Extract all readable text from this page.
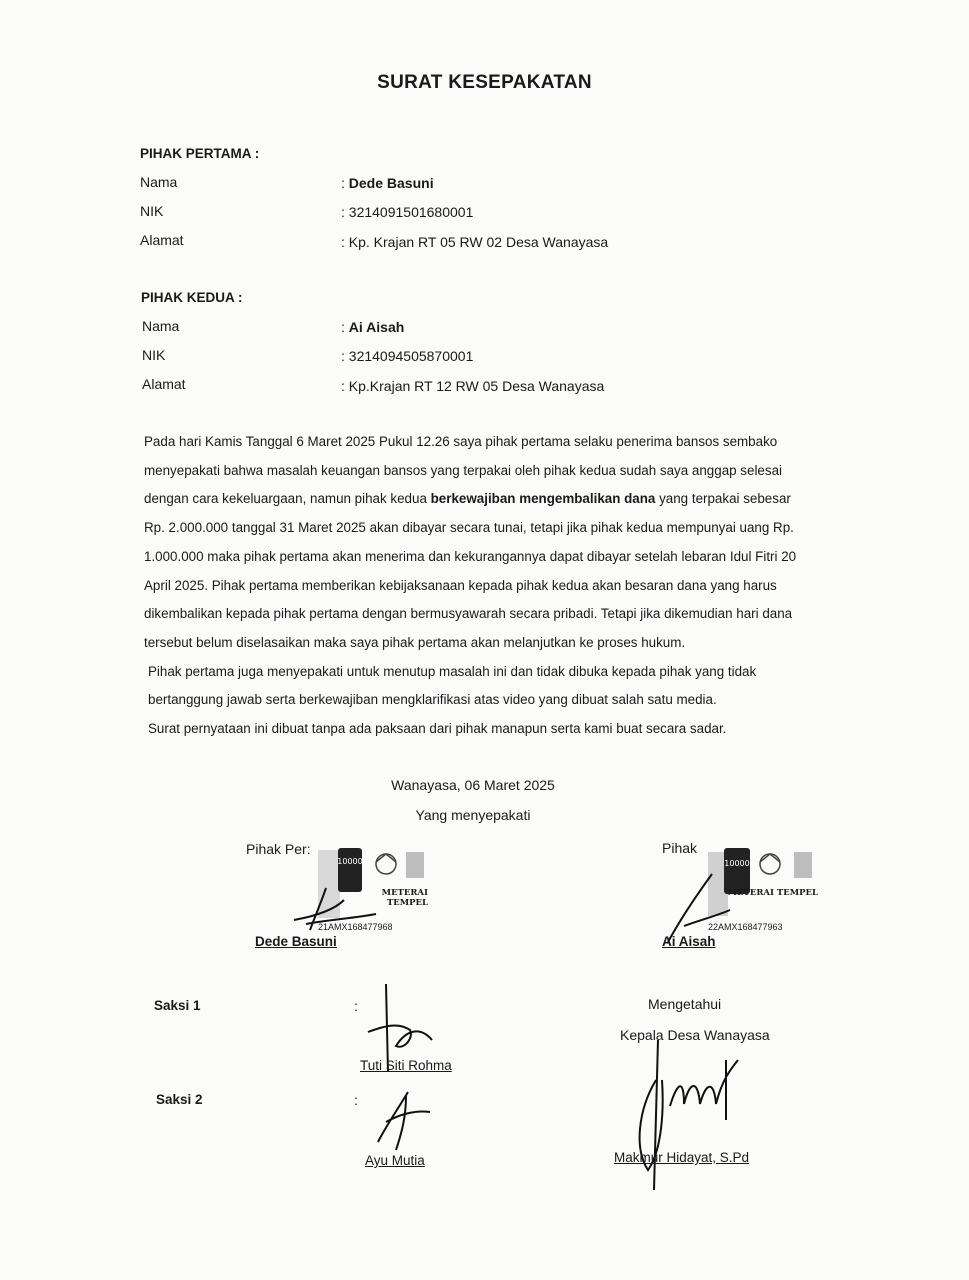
SURAT KESEPAKATAN
PIHAK PERTAMA :
Nama	: Dede Basuni
NIK	: 3214091501680001
Alamat	: Kp. Krajan RT 05 RW 02 Desa Wanayasa
PIHAK KEDUA :
Nama	: Ai Aisah
NIK	: 3214094505870001
Alamat	: Kp.Krajan RT 12 RW 05 Desa Wanayasa

Pada hari Kamis Tanggal 6 Maret 2025 Pukul 12.26 saya pihak pertama selaku penerima bansos sembako menyepakati bahwa masalah keuangan bansos yang terpakai oleh pihak kedua sudah saya anggap selesai dengan cara kekeluargaan, namun pihak kedua berkewajiban mengembalikan dana yang terpakai sebesar Rp. 2.000.000 tanggal 31 Maret 2025 akan dibayar secara tunai, tetapi jika pihak kedua mempunyai uang Rp. 1.000.000 maka pihak pertama akan menerima dan kekurangannya dapat dibayar setelah lebaran Idul Fitri 20 April 2025. Pihak pertama memberikan kebijaksanaan kepada pihak kedua akan besaran dana yang harus dikembalikan kepada pihak pertama dengan bermusyawarah secara pribadi. Tetapi jika dikemudian hari dana tersebut belum diselasaikan maka saya pihak pertama akan melanjutkan ke proses hukum.

Pihak pertama juga menyepakati untuk menutup masalah ini dan tidak dibuka kepada pihak yang tidak bertanggung jawab serta berkewajiban mengklarifikasi atas video yang dibuat salah satu media.

Surat pernyataan ini dibuat tanpa ada paksaan dari pihak manapun serta kami buat secara sadar.

Wanayasa, 06 Maret 2025
Yang menyepakati
Pihak Per:
10000
METERAI TEMPEL
21AMX168477968
Dede Basuni
Pihak
10000
METERAI TEMPEL
22AMX168477963
Ai Aisah
Saksi 1	:
Tuti Siti Rohma
Saksi 2	:
Ayu Mutia
Mengetahui
Kepala Desa Wanayasa
Makmur Hidayat, S.Pd
